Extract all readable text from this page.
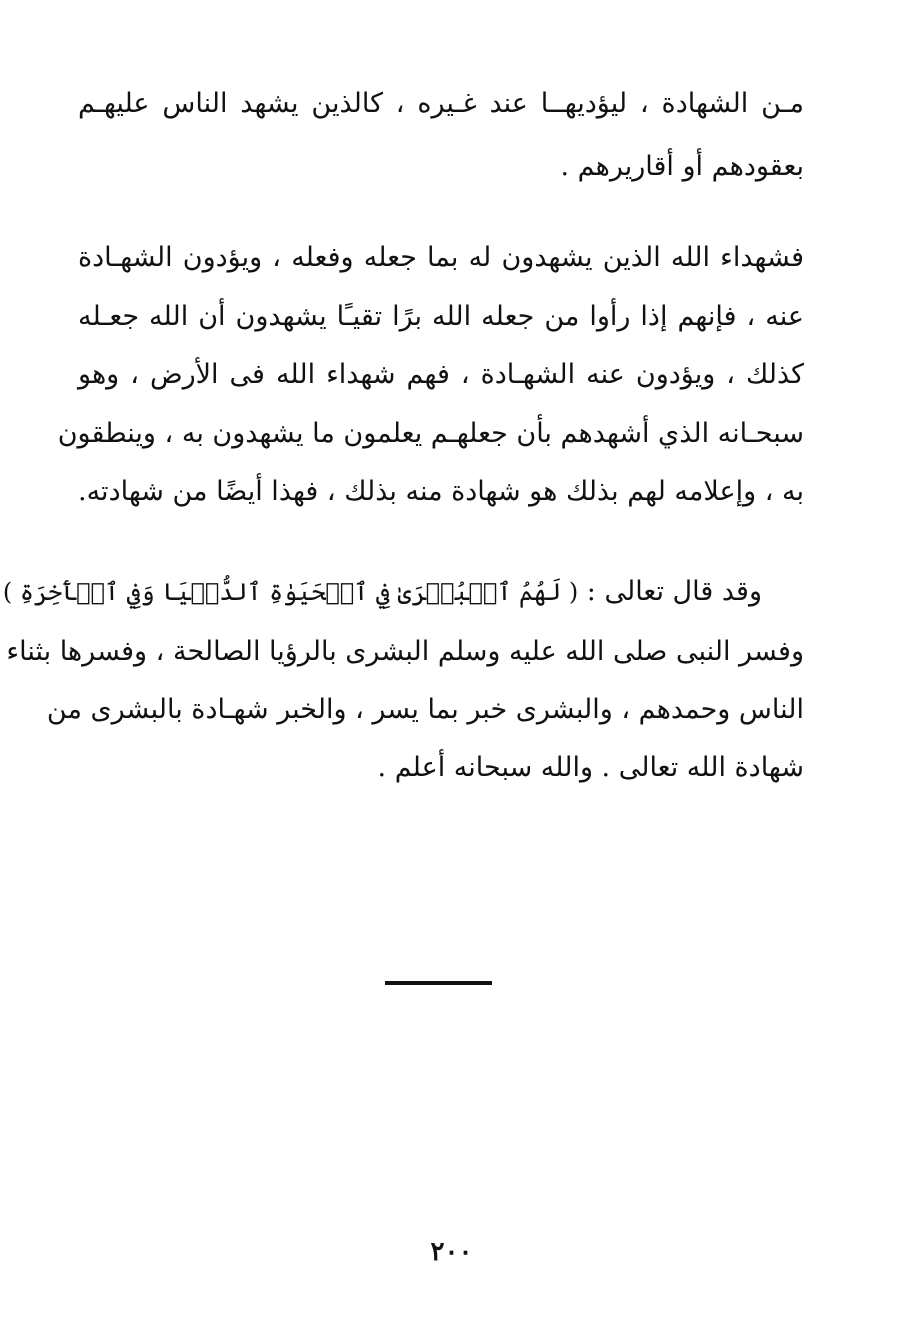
مـن الشهادة ، ليؤديهــا عند غـيره ، كالذين يشهد الناس عليهـم
بعقودهم أو أقاريرهم .
فشهداء الله الذين يشهدون له بما جعله وفعله ، ويؤدون الشهـادة
عنه ، فإنهم إذا رأوا من جعله الله برًا تقيـًا يشهدون أن الله جعـله
كذلك ، ويؤدون عنه الشهـادة ، فهم شهداء الله فى الأرض ، وهو
سبحـانه الذي أشهدهم بأن جعلهـم يعلمون ما يشهدون به ، وينطقون
به ، وإعلامه لهم بذلك هو شهادة منه بذلك ، فهذا أيضًا من شهادته.
وقد قال تعالى : ( لَهُمُ ٱلۡبُشۡرَىٰ فِي ٱلۡحَيَوٰةِ ٱلدُّنۡيَا وَفِي ٱلۡأٓخِرَةِ )
وفسر النبى صلى الله عليه وسلم البشرى بالرؤيا الصالحة ، وفسرها بثناء
الناس وحمدهم ، والبشرى خبر بما يسر ، والخبر شهـادة بالبشرى من
شهادة الله تعالى . والله سبحانه أعلم .
٢٠٠
